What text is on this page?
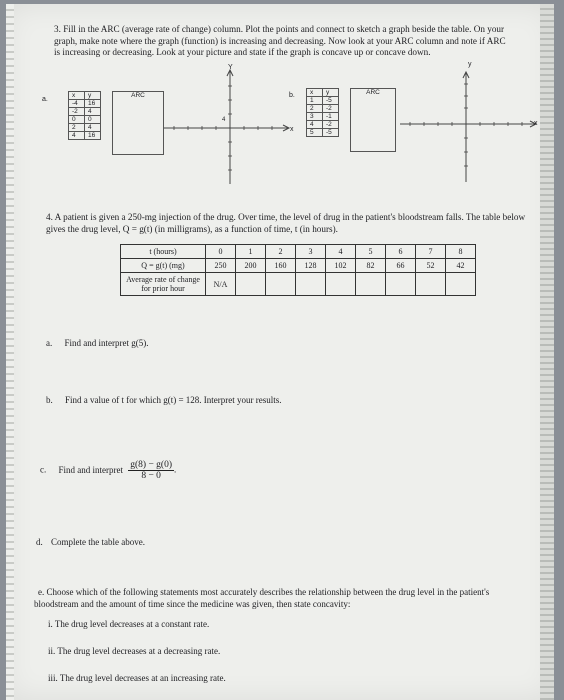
3. Fill in the ARC (average rate of change) column. Plot the points and connect to sketch a graph beside the table. On your graph, make note where the graph (function) is increasing and decreasing. Now look at your ARC column and note if ARC is increasing or decreasing. Look at your picture and state if the graph is concave up or concave down.
a.
x	y
-4	16
-2	4
0	0
2	4
4	16
ARC
Y
x
4
b. x	y
1	-5
2	-2
3	-1
4	-2
5	-5
ARC
y
x
4. A patient is given a 250-mg injection of the drug. Over time, the level of drug in the patient's bloodstream falls. The table below gives the drug level, Q = g(t) (in milligrams), as a function of time, t (in hours).
t (hours)	0	1	2	3	4	5	6	7	8
Q = g(t) (mg)	250	200	160	128	102	82	66	52	42
Average rate of change for prior hour	N/A								
a. Find and interpret g(5).
b. Find a value of t for which g(t) = 128. Interpret your results.
c. Find and interpret $\frac{g(8) - g(0)}{8 - 0}$ .
d. Complete the table above.
e. Choose which of the following statements most accurately describes the relationship between the drug level in the patient's bloodstream and the amount of time since the medicine was given, then state concavity:
i. The drug level decreases at a constant rate.
ii. The drug level decreases at a decreasing rate.
iii. The drug level decreases at an increasing rate.
